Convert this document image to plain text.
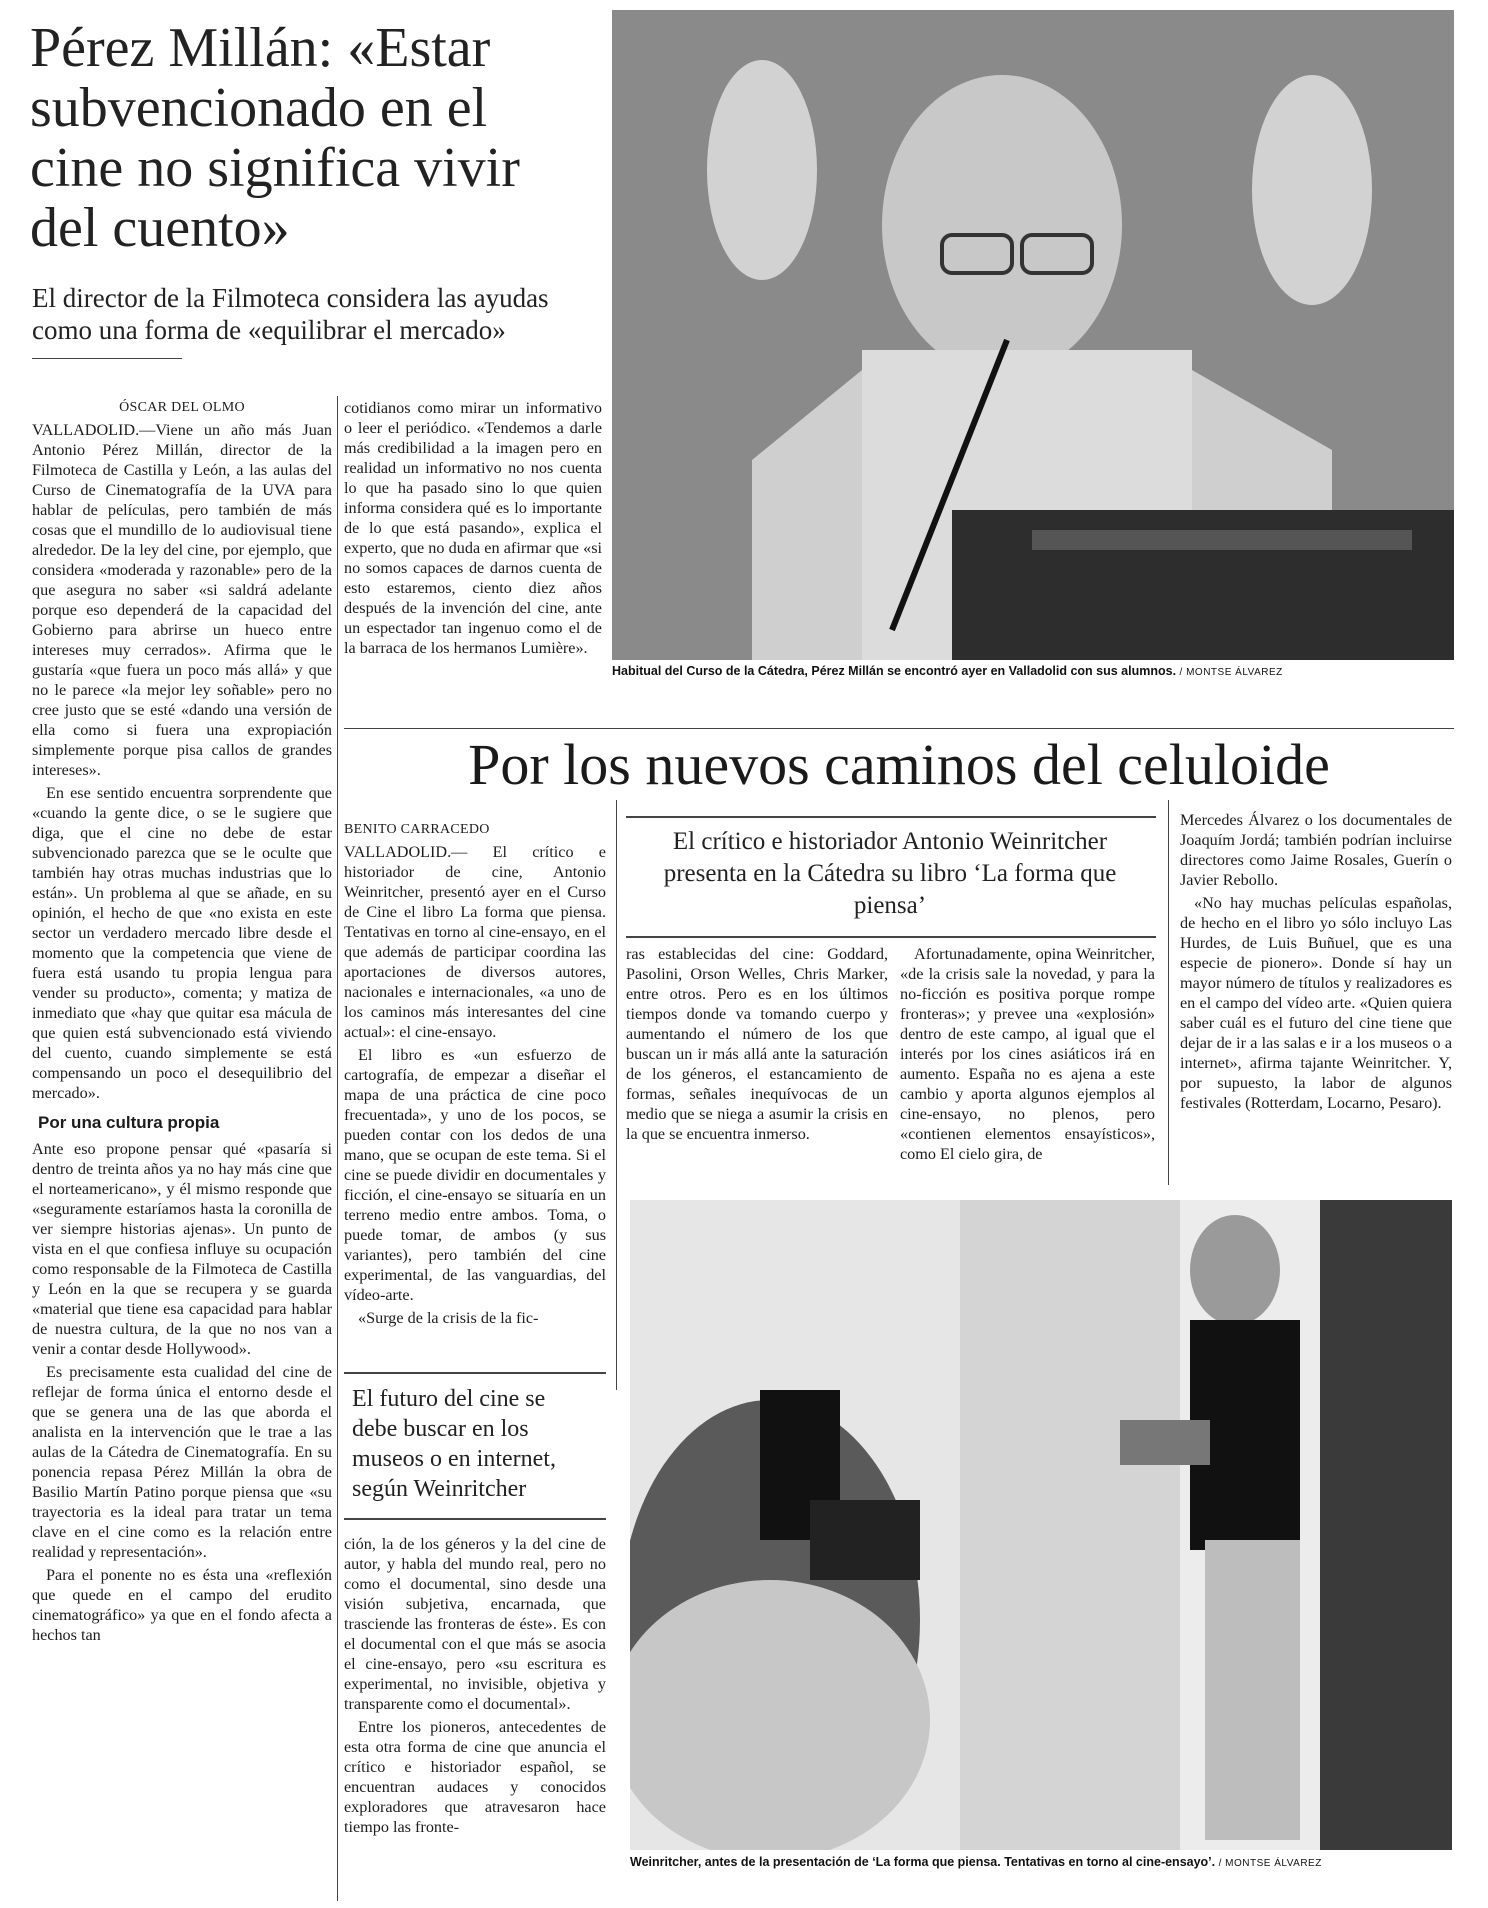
Pérez Millán: «Estar subvencionado en el cine no significa vivir del cuento»
El director de la Filmoteca considera las ayudas como una forma de «equilibrar el mercado»
ÓSCAR DEL OLMO

VALLADOLID.—Viene un año más Juan Antonio Pérez Millán, director de la Filmoteca de Castilla y León, a las aulas del Curso de Cinematografía de la UVA para hablar de películas, pero también de más cosas que el mundillo de lo audiovisual tiene alrededor. De la ley del cine, por ejemplo, que considera «moderada y razonable» pero de la que asegura no saber «si saldrá adelante porque eso dependerá de la capacidad del Gobierno para abrirse un hueco entre intereses muy cerrados». Afirma que le gustaría «que fuera un poco más allá» y que no le parece «la mejor ley soñable» pero no cree justo que se esté «dando una versión de ella como si fuera una expropiación simplemente porque pisa callos de grandes intereses».

En ese sentido encuentra sorprendente que «cuando la gente dice, o se le sugiere que diga, que el cine no debe de estar subvencionado parezca que se le oculte que también hay otras muchas industrias que lo están». Un problema al que se añade, en su opinión, el hecho de que «no exista en este sector un verdadero mercado libre desde el momento que la competencia que viene de fuera está usando tu propia lengua para vender su producto», comenta; y matiza de inmediato que «hay que quitar esa mácula de que quien está subvencionado está viviendo del cuento, cuando simplemente se está compensando un poco el desequilibrio del mercado».

Por una cultura propia

Ante eso propone pensar qué «pasaría si dentro de treinta años ya no hay más cine que el norteamericano», y él mismo responde que «seguramente estaríamos hasta la coronilla de ver siempre historias ajenas». Un punto de vista en el que confiesa influye su ocupación como responsable de la Filmoteca de Castilla y León en la que se recupera y se guarda «material que tiene esa capacidad para hablar de nuestra cultura, de la que no nos van a venir a contar desde Hollywood».

Es precisamente esta cualidad del cine de reflejar de forma única el entorno desde el que se genera una de las que aborda el analista en la intervención que le trae a las aulas de la Cátedra de Cinematografía. En su ponencia repasa Pérez Millán la obra de Basilio Martín Patino porque piensa que «su trayectoria es la ideal para tratar un tema clave en el cine como es la relación entre realidad y representación».

Para el ponente no es ésta una «reflexión que quede en el campo del erudito cinematográfico» ya que en el fondo afecta a hechos tan

cotidianos como mirar un informativo o leer el periódico. «Tendemos a darle más credibilidad a la imagen pero en realidad un informativo no nos cuenta lo que ha pasado sino lo que quien informa considera qué es lo importante de lo que está pasando», explica el experto, que no duda en afirmar que «si no somos capaces de darnos cuenta de esto estaremos, ciento diez años después de la invención del cine, ante un espectador tan ingenuo como el de la barraca de los hermanos Lumière».

Habitual del Curso de la Cátedra, Pérez Millán se encontró ayer en Valladolid con sus alumnos. / MONTSE ÁLVAREZ
Por los nuevos caminos del celuloide
BENITO CARRACEDO

VALLADOLID.— El crítico e historiador de cine, Antonio Weinritcher, presentó ayer en el Curso de Cine el libro La forma que piensa. Tentativas en torno al cine-ensayo, en el que además de participar coordina las aportaciones de diversos autores, nacionales e internacionales, «a uno de los caminos más interesantes del cine actual»: el cine-ensayo.

El libro es «un esfuerzo de cartografía, de empezar a diseñar el mapa de una práctica de cine poco frecuentada», y uno de los pocos, se pueden contar con los dedos de una mano, que se ocupan de este tema. Si el cine se puede dividir en documentales y ficción, el cine-ensayo se situaría en un terreno medio entre ambos. Toma, o puede tomar, de ambos (y sus variantes), pero también del cine experimental, de las vanguardias, del vídeo-arte.

«Surge de la crisis de la fic-

El crítico e historiador Antonio Weinritcher presenta en la Cátedra su libro ‘La forma que piensa’

ras establecidas del cine: Goddard, Pasolini, Orson Welles, Chris Marker, entre otros. Pero es en los últimos tiempos donde va tomando cuerpo y aumentando el número de los que buscan un ir más allá ante la saturación de los géneros, el estancamiento de formas, señales inequívocas de un medio que se niega a asumir la crisis en la que se encuentra inmerso.

Afortunadamente, opina Weinritcher, «de la crisis sale la novedad, y para la no-ficción es positiva porque rompe fronteras»; y prevee una «explosión» dentro de este campo, al igual que el interés por los cines asiáticos irá en aumento. España no es ajena a este cambio y aporta algunos ejemplos al cine-ensayo, no plenos, pero «contienen elementos ensayísticos», como El cielo gira, de

Mercedes Álvarez o los documentales de Joaquím Jordá; también podrían incluirse directores como Jaime Rosales, Guerín o Javier Rebollo.

«No hay muchas películas españolas, de hecho en el libro yo sólo incluyo Las Hurdes, de Luis Buñuel, que es una especie de pionero». Donde sí hay un mayor número de títulos y realizadores es en el campo del vídeo arte. «Quien quiera saber cuál es el futuro del cine tiene que dejar de ir a las salas e ir a los museos o a internet», afirma tajante Weinritcher. Y, por supuesto, la labor de algunos festivales (Rotterdam, Locarno, Pesaro).

El futuro del cine se debe buscar en los museos o en internet, según Weinritcher

ción, la de los géneros y la del cine de autor, y habla del mundo real, pero no como el documental, sino desde una visión subjetiva, encarnada, que trasciende las fronteras de éste». Es con el documental con el que más se asocia el cine-ensayo, pero «su escritura es experimental, no invisible, objetiva y transparente como el documental».

Entre los pioneros, antecedentes de esta otra forma de cine que anuncia el crítico e historiador español, se encuentran audaces y conocidos exploradores que atravesaron hace tiempo las fronte-

Weinritcher, antes de la presentación de ‘La forma que piensa. Tentativas en torno al cine-ensayo’. / MONTSE ÁLVAREZ
